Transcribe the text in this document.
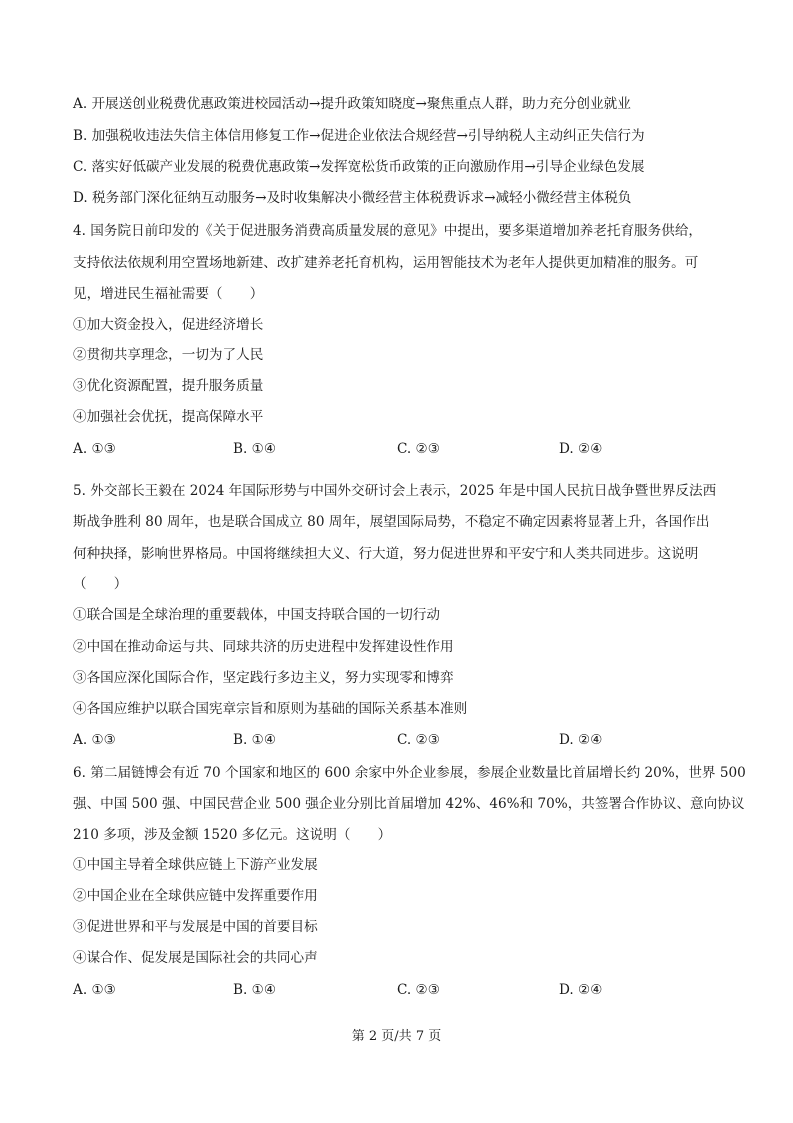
A. 开展送创业税费优惠政策进校园活动→提升政策知晓度→聚焦重点人群，助力充分创业就业
B. 加强税收违法失信主体信用修复工作→促进企业依法合规经营→引导纳税人主动纠正失信行为
C. 落实好低碳产业发展的税费优惠政策→发挥宽松货币政策的正向激励作用→引导企业绿色发展
D. 税务部门深化征纳互动服务→及时收集解决小微经营主体税费诉求→减轻小微经营主体税负
4. 国务院日前印发的《关于促进服务消费高质量发展的意见》中提出，要多渠道增加养老托育服务供给，
支持依法依规利用空置场地新建、改扩建养老托育机构，运用智能技术为老年人提供更加精准的服务。可
见，增进民生福祉需要（　　）
①加大资金投入，促进经济增长
②贯彻共享理念，一切为了人民
③优化资源配置，提升服务质量
④加强社会优抚，提高保障水平
A. ①③	B. ①④	C. ②③	D. ②④
5. 外交部长王毅在 2024 年国际形势与中国外交研讨会上表示，2025 年是中国人民抗日战争暨世界反法西
斯战争胜利 80 周年，也是联合国成立 80 周年，展望国际局势，不稳定不确定因素将显著上升，各国作出
何种抉择，影响世界格局。中国将继续担大义、行大道，努力促进世界和平安宁和人类共同进步。这说明
（　　）
①联合国是全球治理的重要载体，中国支持联合国的一切行动
②中国在推动命运与共、同球共济的历史进程中发挥建设性作用
③各国应深化国际合作，坚定践行多边主义，努力实现零和博弈
④各国应维护以联合国宪章宗旨和原则为基础的国际关系基本准则
A. ①③	B. ①④	C. ②③	D. ②④
6. 第二届链博会有近 70 个国家和地区的 600 余家中外企业参展，参展企业数量比首届增长约 20%，世界 500
强、中国 500 强、中国民营企业 500 强企业分别比首届增加 42%、46%和 70%，共签署合作协议、意向协议
210 多项，涉及金额 1520 多亿元。这说明（　　）
①中国主导着全球供应链上下游产业发展
②中国企业在全球供应链中发挥重要作用
③促进世界和平与发展是中国的首要目标
④谋合作、促发展是国际社会的共同心声
A. ①③	B. ①④	C. ②③	D. ②④
第 2 页/共 7 页
